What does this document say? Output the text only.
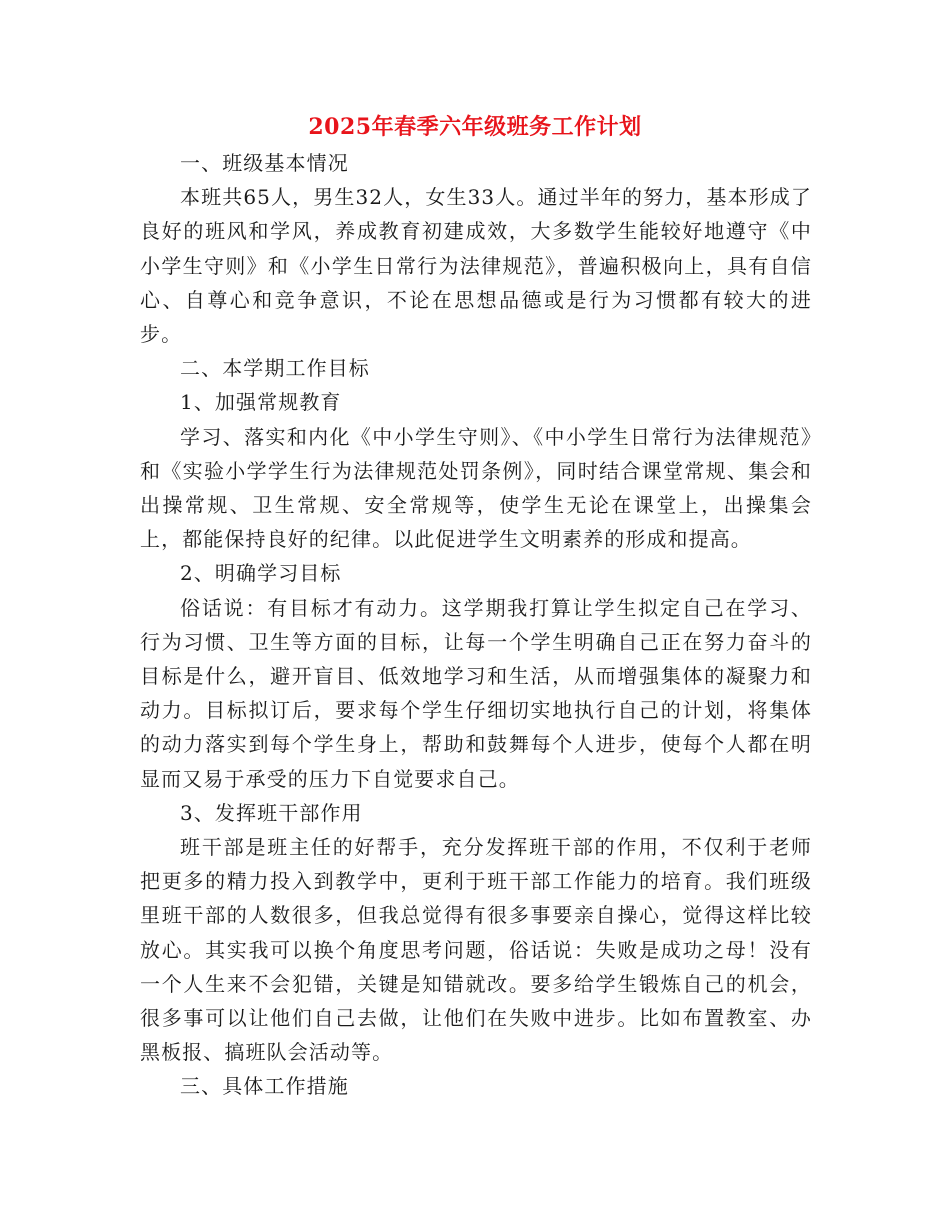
2025年春季六年级班务工作计划

一、班级基本情况

本班共65人，男生32人，女生33人。通过半年的努力，基本形成了良好的班风和学风，养成教育初建成效，大多数学生能较好地遵守《中小学生守则》和《小学生日常行为法律规范》，普遍积极向上，具有自信心、自尊心和竞争意识，不论在思想品德或是行为习惯都有较大的进步。

二、本学期工作目标

1、加强常规教育

学习、落实和内化《中小学生守则》、《中小学生日常行为法律规范》和《实验小学学生行为法律规范处罚条例》，同时结合课堂常规、集会和出操常规、卫生常规、安全常规等，使学生无论在课堂上，出操集会上，都能保持良好的纪律。以此促进学生文明素养的形成和提高。

2、明确学习目标

俗话说：有目标才有动力。这学期我打算让学生拟定自己在学习、行为习惯、卫生等方面的目标，让每一个学生明确自己正在努力奋斗的目标是什么，避开盲目、低效地学习和生活，从而增强集体的凝聚力和动力。目标拟订后，要求每个学生仔细切实地执行自己的计划，将集体的动力落实到每个学生身上，帮助和鼓舞每个人进步，使每个人都在明显而又易于承受的压力下自觉要求自己。

3、发挥班干部作用

班干部是班主任的好帮手，充分发挥班干部的作用，不仅利于老师把更多的精力投入到教学中，更利于班干部工作能力的培育。我们班级里班干部的人数很多，但我总觉得有很多事要亲自操心，觉得这样比较放心。其实我可以换个角度思考问题，俗话说：失败是成功之母！没有一个人生来不会犯错，关键是知错就改。要多给学生锻炼自己的机会，很多事可以让他们自己去做，让他们在失败中进步。比如布置教室、办黑板报、搞班队会活动等。

三、具体工作措施
